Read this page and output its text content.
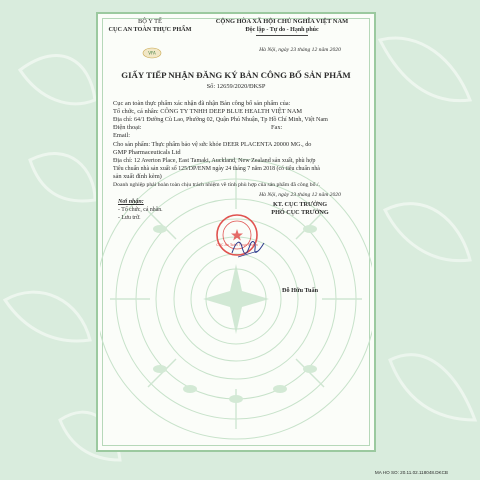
VFA
BỘ Y TẾ
CỤC AN TOÀN THỰC PHẨM
CỘNG HÒA XÃ HỘI CHỦ NGHĨA VIỆT NAM
Độc lập - Tự do - Hạnh phúc
Hà Nội, ngày 23 tháng 12 năm 2020
GIẤY TIẾP NHẬN ĐĂNG KÝ BẢN CÔNG BỐ SẢN PHẨM
Số: 12659/2020/ĐKSP
Cục an toàn thực phẩm xác nhận đã nhận Bản công bố sản phẩm của:
Tổ chức, cá nhân: CÔNG TY TNHH DEEP BLUE HEALTH VIỆT NAM
Địa chỉ: 64/1 Đường Cù Lao, Phường 02, Quận Phú Nhuận, Tp Hồ Chí Minh, Việt Nam
Điện thoại:	Fax:
Email:
Cho sản phẩm: Thực phẩm bảo vệ sức khỏe DEER PLACENTA 20000 MG., do
GMP Pharmaceuticals Ltd
Địa chỉ: 12 Averton Place, East Tamaki, Auckland, New Zealand sản xuất, phù hợp
Tiêu chuẩn nhà sản xuất số 125/DP/ENM ngày 24 tháng 7 năm 2018 (có tiêu chuẩn nhà
sản xuất đính kèm)
Doanh nghiệp phải hoàn toàn chịu trách nhiệm về tính phù hợp của sản phẩm đã công bố./.
Nơi nhận:
- Tổ chức, cá nhân.
- Lưu trữ.
Hà Nội, ngày 23 tháng 12 năm 2020
KT. CỤC TRƯỞNG
PHÓ CỤC TRƯỞNG
CỤC An Toàn Thực Phẩm
Đỗ Hữu Tuấn
MA HO SO: 20.11.02.118048.DKCB
